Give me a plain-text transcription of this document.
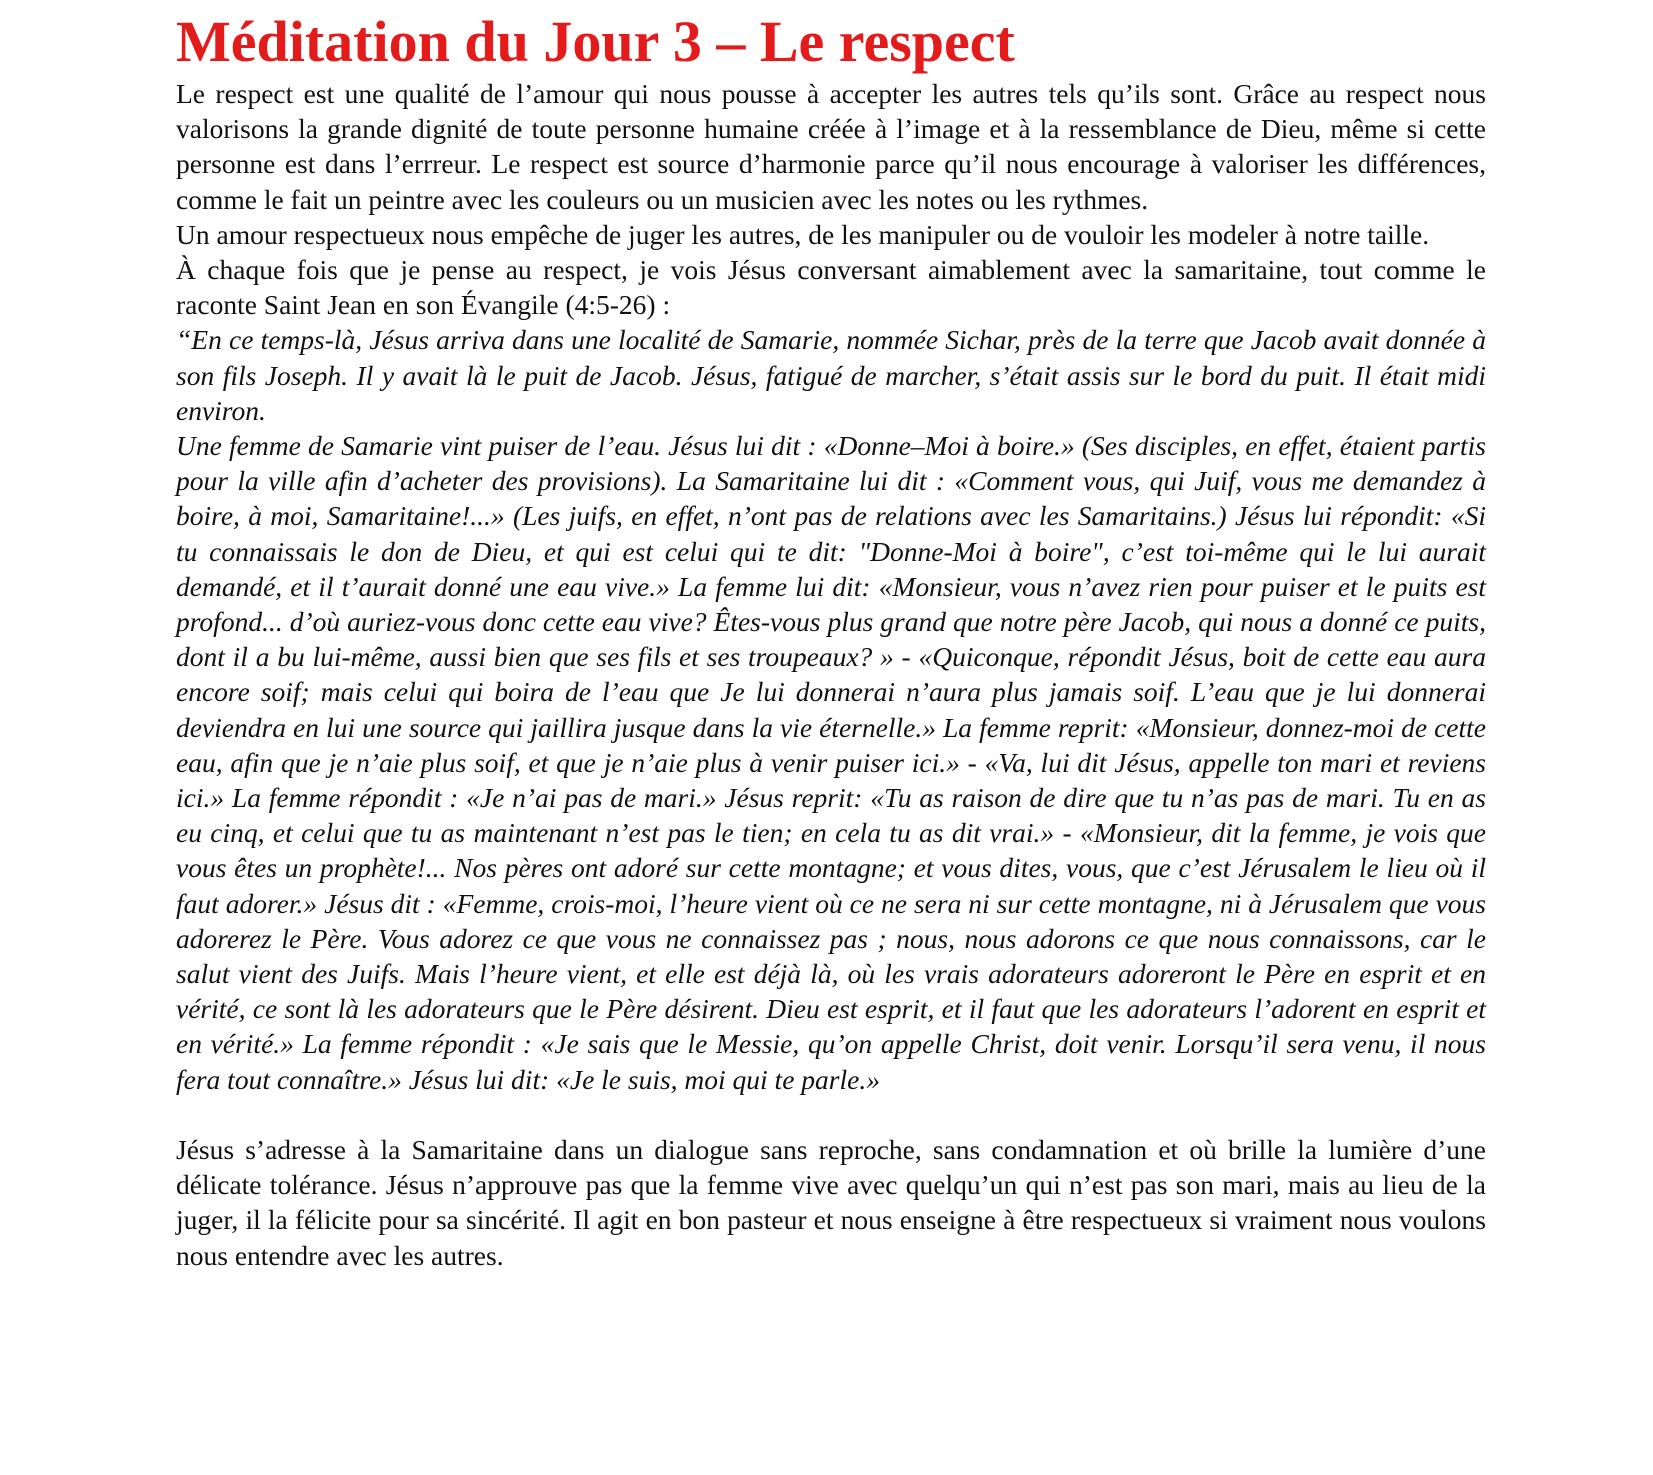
Méditation du Jour 3 – Le respect

Le respect est une qualité de l’amour qui nous pousse à accepter les autres tels qu’ils sont. Grâce au respect nous valorisons la grande dignité de toute personne humaine créée à l’image et à la ressemblance de Dieu, même si cette personne est dans l’errreur. Le respect est source d’harmonie parce qu’il nous encourage à valoriser les différences, comme le fait un peintre avec les couleurs ou un musicien avec les notes ou les rythmes.

Un amour respectueux nous empêche de juger les autres, de les manipuler ou de vouloir les modeler à notre taille.

À chaque fois que je pense au respect, je vois Jésus conversant aimablement avec la samaritaine, tout comme le raconte Saint Jean en son Évangile (4:5-26) :

“En ce temps-là, Jésus arriva dans une localité de Samarie, nommée Sichar, près de la terre que Jacob avait donnée à son fils Joseph. Il y avait là le puit de Jacob. Jésus, fatigué de marcher, s’était assis sur le bord du puit. Il était midi environ.

Une femme de Samarie vint puiser de l’eau. Jésus lui dit : «Donne–Moi à boire.» (Ses disciples, en effet, étaient partis pour la ville afin d’acheter des provisions). La Samaritaine lui dit : «Comment vous, qui Juif, vous me demandez à boire, à moi, Samaritaine!...» (Les juifs, en effet, n’ont pas de relations avec les Samaritains.) Jésus lui répondit: «Si tu connaissais le don de Dieu, et qui est celui qui te dit: "Donne-Moi à boire", c’est toi-même qui le lui aurait demandé, et il t’aurait donné une eau vive.» La femme lui dit: «Monsieur, vous n’avez rien pour puiser et le puits est profond... d’où auriez-vous donc cette eau vive? Êtes-vous plus grand que notre père Jacob, qui nous a donné ce puits, dont il a bu lui-même, aussi bien que ses fils et ses troupeaux? » - «Quiconque, répondit Jésus, boit de cette eau aura encore soif; mais celui qui boira de l’eau que Je lui donnerai n’aura plus jamais soif. L’eau que je lui donnerai deviendra en lui une source qui jaillira jusque dans la vie éternelle.» La femme reprit: «Monsieur, donnez-moi de cette eau, afin que je n’aie plus soif, et que je n’aie plus à venir puiser ici.» - «Va, lui dit Jésus, appelle ton mari et reviens ici.» La femme répondit : «Je n’ai pas de mari.» Jésus reprit: «Tu as raison de dire que tu n’as pas de mari. Tu en as eu cinq, et celui que tu as maintenant n’est pas le tien; en cela tu as dit vrai.» - «Monsieur, dit la femme, je vois que vous êtes un prophète!... Nos pères ont adoré sur cette montagne; et vous dites, vous, que c’est Jérusalem le lieu où il faut adorer.» Jésus dit : «Femme, crois-moi, l’heure vient où ce ne sera ni sur cette montagne, ni à Jérusalem que vous adorerez le Père. Vous adorez ce que vous ne connaissez pas ; nous, nous adorons ce que nous connaissons, car le salut vient des Juifs. Mais l’heure vient, et elle est déjà là, où les vrais adorateurs adoreront le Père en esprit et en vérité, ce sont là les adorateurs que le Père désirent. Dieu est esprit, et il faut que les adorateurs l’adorent en esprit et en vérité.» La femme répondit : «Je sais que le Messie, qu’on appelle Christ, doit venir. Lorsqu’il sera venu, il nous fera tout connaître.» Jésus lui dit: «Je le suis, moi qui te parle.»

Jésus s’adresse à la Samaritaine dans un dialogue sans reproche, sans condamnation et où brille la lumière d’une délicate tolérance. Jésus n’approuve pas que la femme vive avec quelqu’un qui n’est pas son mari, mais au lieu de la juger, il la félicite pour sa sincérité. Il agit en bon pasteur et nous enseigne à être respectueux si vraiment nous voulons nous entendre avec les autres.
